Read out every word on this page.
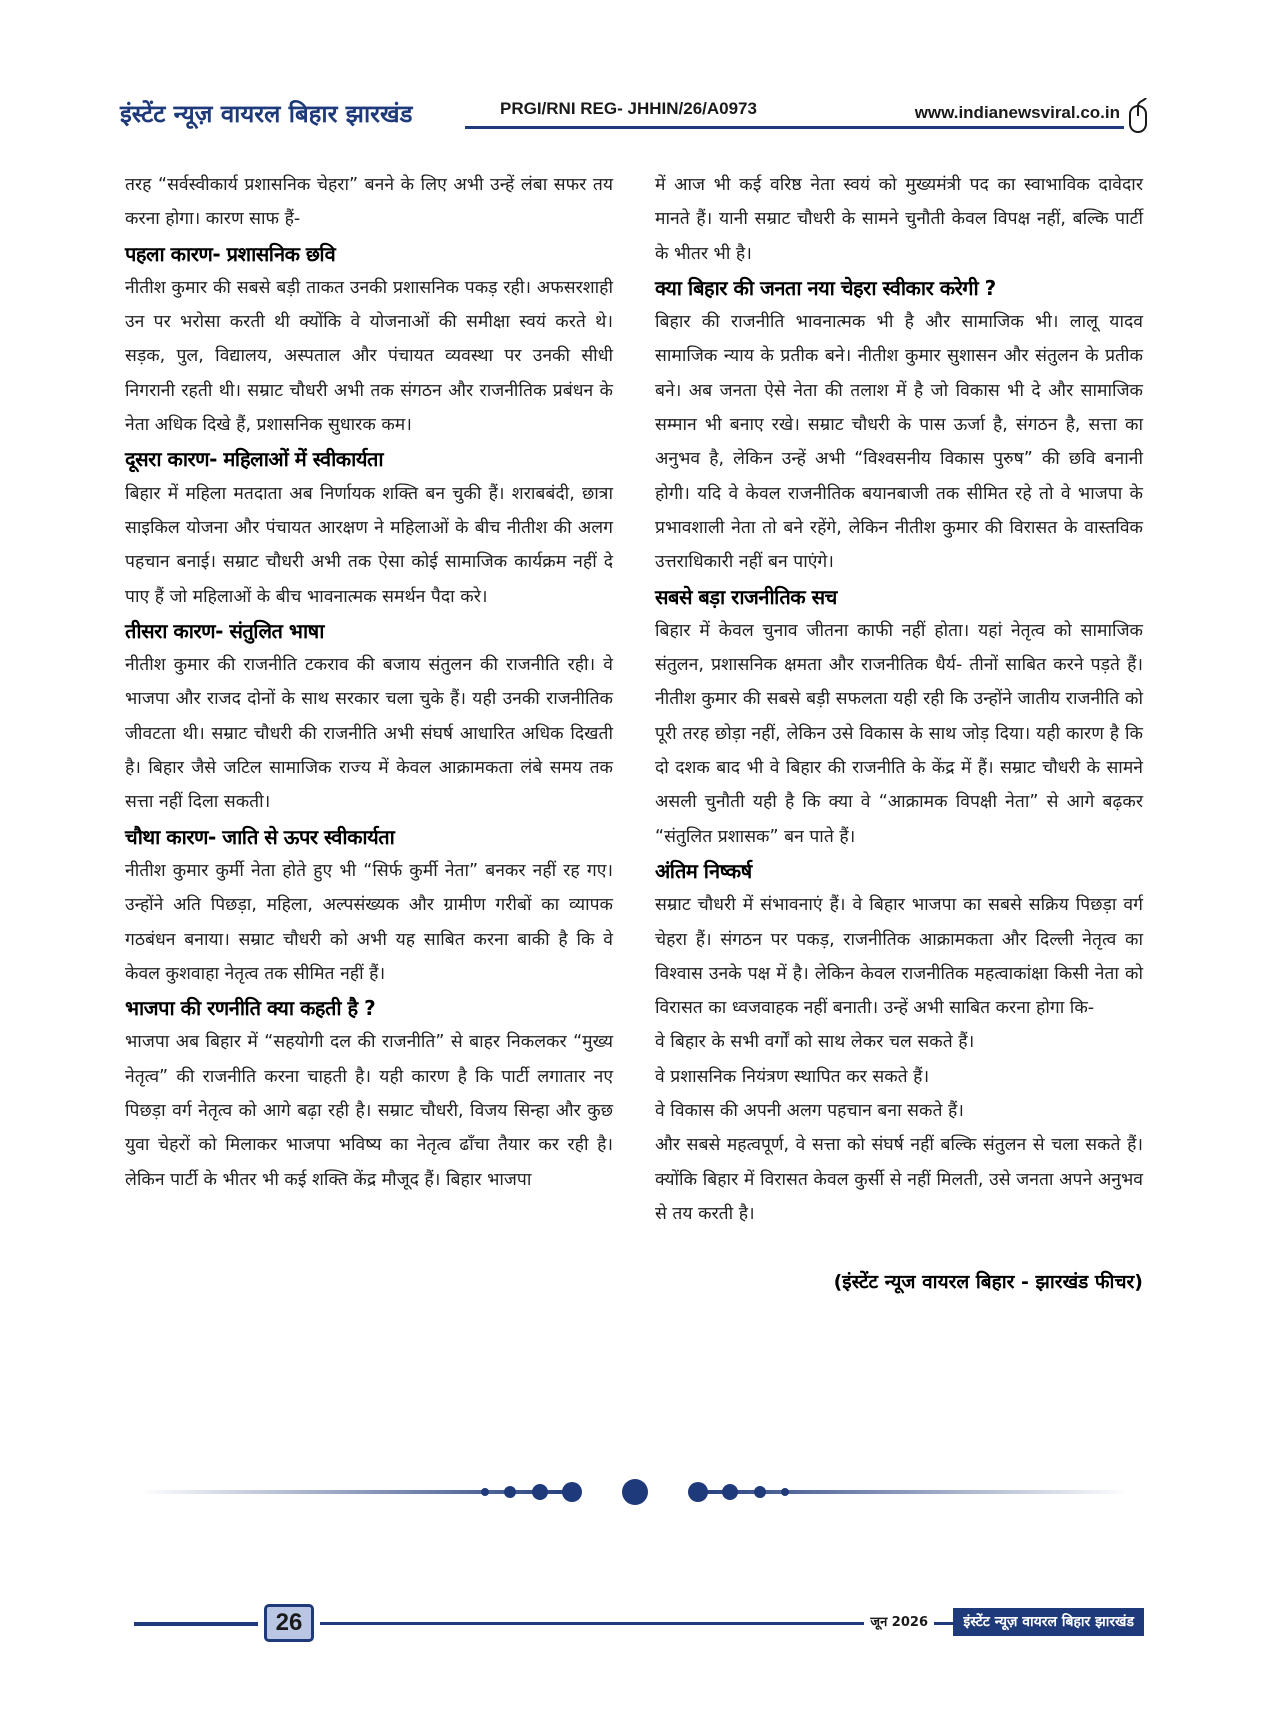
इंस्टेंट न्यूज़ वायरल बिहार झारखंड	PRGI/RNI REG- JHHIN/26/A0973	www.indianewsviral.co.in

तरह “सर्वस्वीकार्य प्रशासनिक चेहरा” बनने के लिए अभी उन्हें लंबा सफर तय करना होगा। कारण साफ हैं-

पहला कारण- प्रशासनिक छवि

नीतीश कुमार की सबसे बड़ी ताकत उनकी प्रशासनिक पकड़ रही। अफसरशाही उन पर भरोसा करती थी क्योंकि वे योजनाओं की समीक्षा स्वयं करते थे। सड़क, पुल, विद्यालय, अस्पताल और पंचायत व्यवस्था पर उनकी सीधी निगरानी रहती थी। सम्राट चौधरी अभी तक संगठन और राजनीतिक प्रबंधन के नेता अधिक दिखे हैं, प्रशासनिक सुधारक कम।

दूसरा कारण- महिलाओं में स्वीकार्यता

बिहार में महिला मतदाता अब निर्णायक शक्ति बन चुकी हैं। शराबबंदी, छात्रा साइकिल योजना और पंचायत आरक्षण ने महिलाओं के बीच नीतीश की अलग पहचान बनाई। सम्राट चौधरी अभी तक ऐसा कोई सामाजिक कार्यक्रम नहीं दे पाए हैं जो महिलाओं के बीच भावनात्मक समर्थन पैदा करे।

तीसरा कारण- संतुलित भाषा

नीतीश कुमार की राजनीति टकराव की बजाय संतुलन की राजनीति रही। वे भाजपा और राजद दोनों के साथ सरकार चला चुके हैं। यही उनकी राजनीतिक जीवटता थी। सम्राट चौधरी की राजनीति अभी संघर्ष आधारित अधिक दिखती है। बिहार जैसे जटिल सामाजिक राज्य में केवल आक्रामकता लंबे समय तक सत्ता नहीं दिला सकती।

चौथा कारण- जाति से ऊपर स्वीकार्यता

नीतीश कुमार कुर्मी नेता होते हुए भी “सिर्फ कुर्मी नेता” बनकर नहीं रह गए। उन्होंने अति पिछड़ा, महिला, अल्पसंख्यक और ग्रामीण गरीबों का व्यापक गठबंधन बनाया। सम्राट चौधरी को अभी यह साबित करना बाकी है कि वे केवल कुशवाहा नेतृत्व तक सीमित नहीं हैं।

भाजपा की रणनीति क्या कहती है ?

भाजपा अब बिहार में “सहयोगी दल की राजनीति” से बाहर निकलकर “मुख्य नेतृत्व” की राजनीति करना चाहती है। यही कारण है कि पार्टी लगातार नए पिछड़ा वर्ग नेतृत्व को आगे बढ़ा रही है। सम्राट चौधरी, विजय सिन्हा और कुछ युवा चेहरों को मिलाकर भाजपा भविष्य का नेतृत्व ढाँचा तैयार कर रही है। लेकिन पार्टी के भीतर भी कई शक्ति केंद्र मौजूद हैं। बिहार भाजपा

में आज भी कई वरिष्ठ नेता स्वयं को मुख्यमंत्री पद का स्वाभाविक दावेदार मानते हैं। यानी सम्राट चौधरी के सामने चुनौती केवल विपक्ष नहीं, बल्कि पार्टी के भीतर भी है।

क्या बिहार की जनता नया चेहरा स्वीकार करेगी ?

बिहार की राजनीति भावनात्मक भी है और सामाजिक भी। लालू यादव सामाजिक न्याय के प्रतीक बने। नीतीश कुमार सुशासन और संतुलन के प्रतीक बने। अब जनता ऐसे नेता की तलाश में है जो विकास भी दे और सामाजिक सम्मान भी बनाए रखे। सम्राट चौधरी के पास ऊर्जा है, संगठन है, सत्ता का अनुभव है, लेकिन उन्हें अभी “विश्वसनीय विकास पुरुष” की छवि बनानी होगी। यदि वे केवल राजनीतिक बयानबाजी तक सीमित रहे तो वे भाजपा के प्रभावशाली नेता तो बने रहेंगे, लेकिन नीतीश कुमार की विरासत के वास्तविक उत्तराधिकारी नहीं बन पाएंगे।

सबसे बड़ा राजनीतिक सच

बिहार में केवल चुनाव जीतना काफी नहीं होता। यहां नेतृत्व को सामाजिक संतुलन, प्रशासनिक क्षमता और राजनीतिक धैर्य- तीनों साबित करने पड़ते हैं। नीतीश कुमार की सबसे बड़ी सफलता यही रही कि उन्होंने जातीय राजनीति को पूरी तरह छोड़ा नहीं, लेकिन उसे विकास के साथ जोड़ दिया। यही कारण है कि दो दशक बाद भी वे बिहार की राजनीति के केंद्र में हैं। सम्राट चौधरी के सामने असली चुनौती यही है कि क्या वे “आक्रामक विपक्षी नेता” से आगे बढ़कर “संतुलित प्रशासक” बन पाते हैं।

अंतिम निष्कर्ष

सम्राट चौधरी में संभावनाएं हैं। वे बिहार भाजपा का सबसे सक्रिय पिछड़ा वर्ग चेहरा हैं। संगठन पर पकड़, राजनीतिक आक्रामकता और दिल्ली नेतृत्व का विश्वास उनके पक्ष में है। लेकिन केवल राजनीतिक महत्वाकांक्षा किसी नेता को विरासत का ध्वजवाहक नहीं बनाती। उन्हें अभी साबित करना होगा कि-

वे बिहार के सभी वर्गों को साथ लेकर चल सकते हैं।

वे प्रशासनिक नियंत्रण स्थापित कर सकते हैं।

वे विकास की अपनी अलग पहचान बना सकते हैं।

और सबसे महत्वपूर्ण, वे सत्ता को संघर्ष नहीं बल्कि संतुलन से चला सकते हैं। क्योंकि बिहार में विरासत केवल कुर्सी से नहीं मिलती, उसे जनता अपने अनुभव से तय करती है।

(इंस्टेंट न्यूज वायरल बिहार - झारखंड फीचर)
26	जून 2026	इंस्टेंट न्यूज़ वायरल बिहार झारखंड
